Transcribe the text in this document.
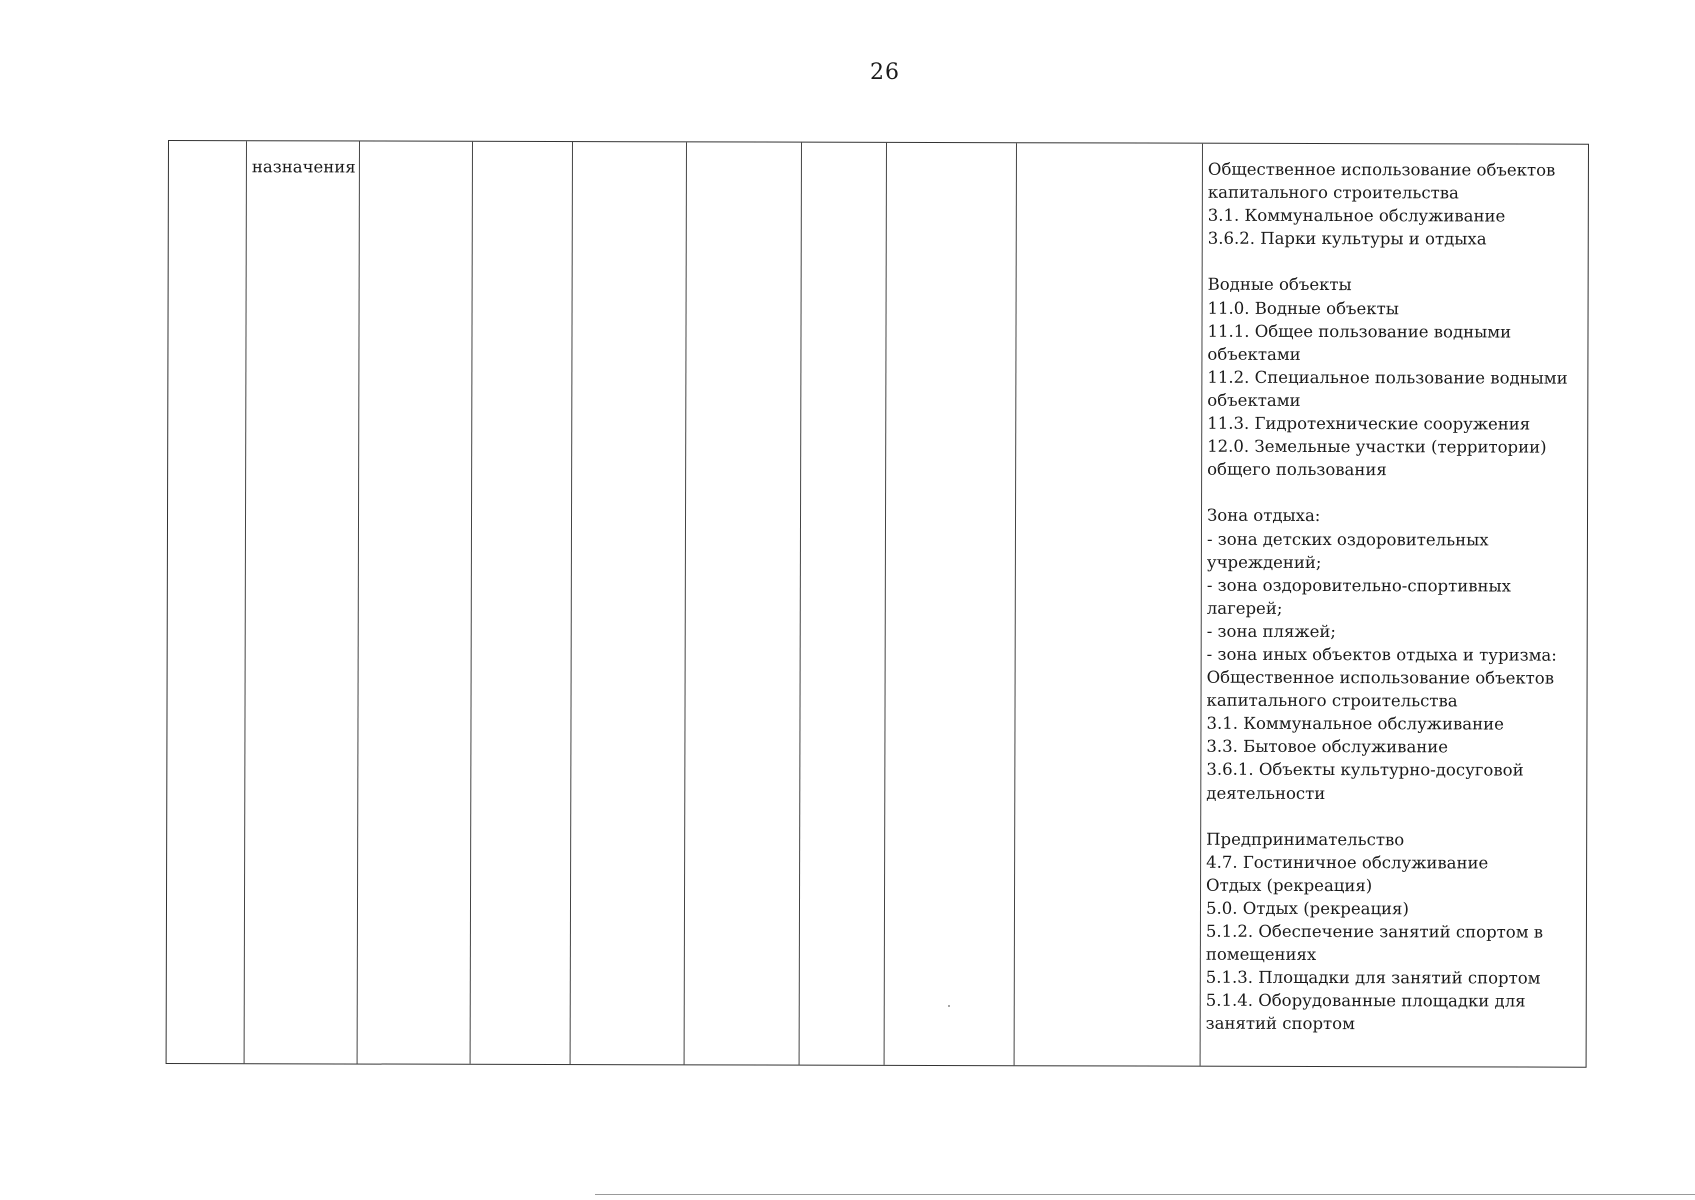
26
назначения	Общественное использование объектов
капитального строительства
3.1. Коммунальное обслуживание
3.6.2. Парки культуры и отдыха
Водные объекты
11.0. Водные объекты
11.1. Общее пользование водными
объектами
11.2. Специальное пользование водными
объектами
11.3. Гидротехнические сооружения
12.0. Земельные участки (территории)
общего пользования
Зона отдыха:
- зона детских оздоровительных
учреждений;
- зона оздоровительно-спортивных
лагерей;
- зона пляжей;
- зона иных объектов отдыха и туризма:
Общественное использование объектов
капитального строительства
3.1. Коммунальное обслуживание
3.3. Бытовое обслуживание
3.6.1. Объекты культурно-досуговой
деятельности
Предпринимательство
4.7. Гостиничное обслуживание
Отдых (рекреация)
5.0. Отдых (рекреация)
5.1.2. Обеспечение занятий спортом в
помещениях
5.1.3. Площадки для занятий спортом
5.1.4. Оборудованные площадки для
занятий спортом
